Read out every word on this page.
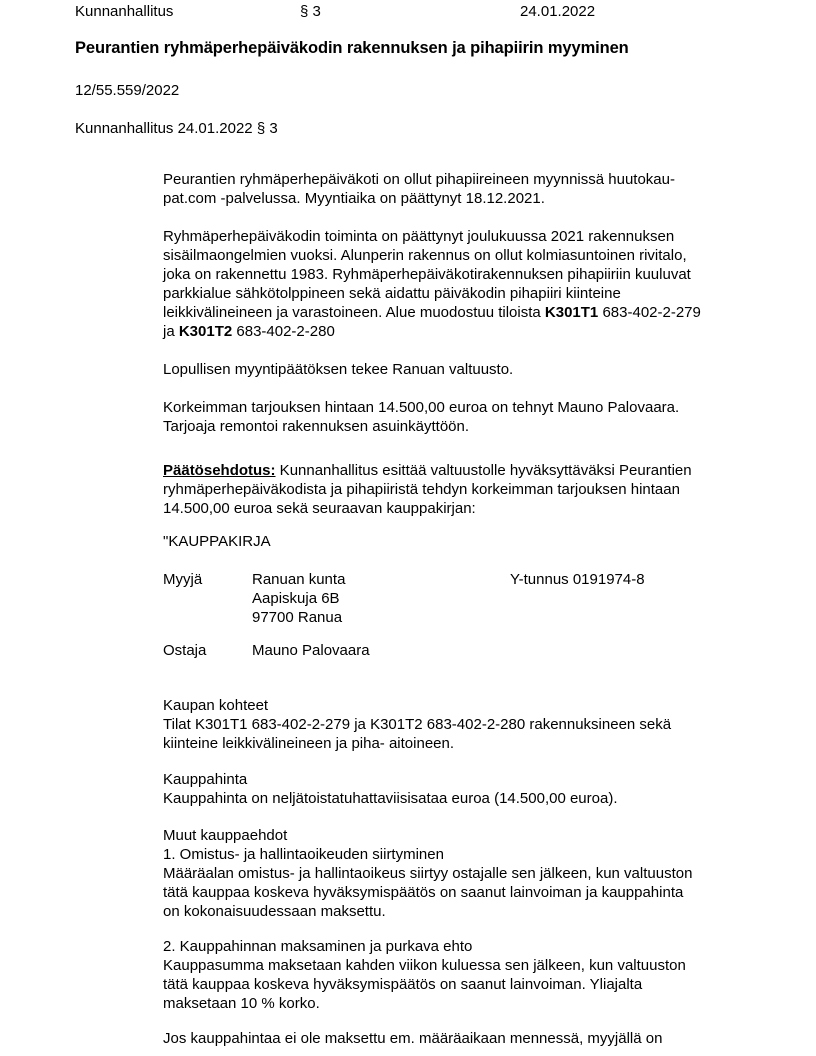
Kunnanhallitus	§ 3	24.01.2022
Peurantien ryhmäperhepäiväkodin rakennuksen ja pihapiirin myyminen
12/55.559/2022
Kunnanhallitus 24.01.2022 § 3

Peurantien ryhmäperhepäiväkoti on ollut pihapiireineen myynnissä huutokau-
pat.com -palvelussa. Myyntiaika on päättynyt 18.12.2021.

Ryhmäperhepäiväkodin toiminta on päättynyt joulukuussa 2021 rakennuksen
sisäilmaongelmien vuoksi. Alunperin rakennus on ollut kolmiasuntoinen rivitalo,
joka on rakennettu 1983. Ryhmäperhepäiväkotirakennuksen pihapiiriin kuuluvat
parkkialue sähkötolppineen sekä aidattu päiväkodin pihapiiri kiinteine
leikkivälineineen ja varastoineen. Alue muodostuu tiloista K301T1 683-402-2-279
ja K301T2 683-402-2-280

Lopullisen myyntipäätöksen tekee Ranuan valtuusto.

Korkeimman tarjouksen hintaan 14.500,00 euroa on tehnyt Mauno Palovaara.
Tarjoaja remontoi rakennuksen asuinkäyttöön.

Päätösehdotus: Kunnanhallitus esittää valtuustolle hyväksyttäväksi Peurantien
ryhmäperhepäiväkodista ja pihapiiristä tehdyn korkeimman tarjouksen hintaan
14.500,00 euroa sekä seuraavan kauppakirjan:

"KAUPPAKIRJA

Myyjä	Ranuan kunta
Aapiskuja 6B
97700 Ranua
Y-tunnus 0191974-8
Ostaja	Mauno Palovaara
Kaupan kohteet
Tilat K301T1 683-402-2-279 ja K301T2 683-402-2-280 rakennuksineen sekä
kiinteine leikkivälineineen ja piha- aitoineen.
Kauppahinta
Kauppahinta on neljätoistatuhattaviisisataa euroa (14.500,00 euroa).
Muut kauppaehdot
1. Omistus- ja hallintaoikeuden siirtyminen
Määräalan omistus- ja hallintaoikeus siirtyy ostajalle sen jälkeen, kun valtuuston
tätä kauppaa koskeva hyväksymispäätös on saanut lainvoiman ja kauppahinta
on kokonaisuudessaan maksettu.
2. Kauppahinnan maksaminen ja purkava ehto
Kauppasumma maksetaan kahden viikon kuluessa sen jälkeen, kun valtuuston
tätä kauppaa koskeva hyväksymispäätös on saanut lainvoiman. Yliajalta
maksetaan 10 % korko.

Jos kauppahintaa ei ole maksettu em. määräaikaan mennessä, myyjällä on
